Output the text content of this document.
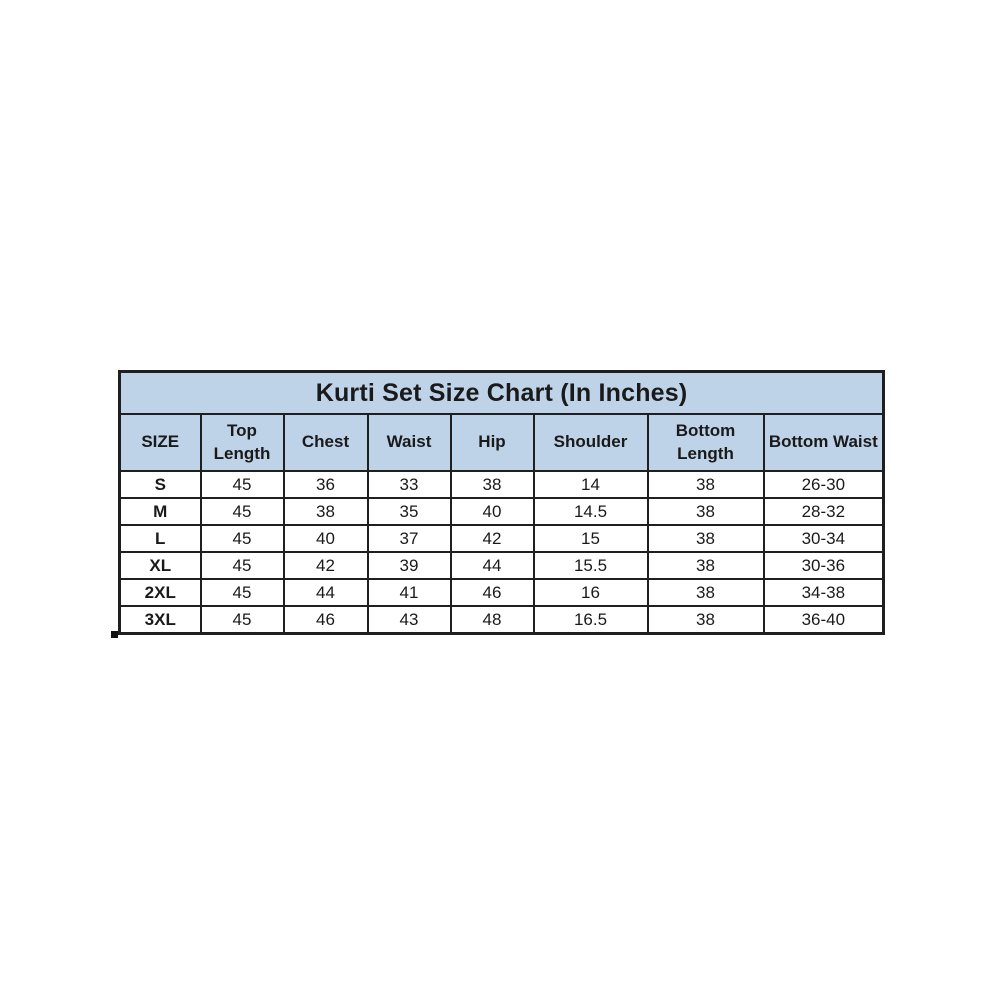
Kurti Set Size Chart (In Inches)							
SIZE	Top Length	Chest	Waist	Hip	Shoulder	Bottom Length	Bottom Waist
S	45	36	33	38	14	38	26-30
M	45	38	35	40	14.5	38	28-32
L	45	40	37	42	15	38	30-34
XL	45	42	39	44	15.5	38	30-36
2XL	45	44	41	46	16	38	34-38
3XL	45	46	43	48	16.5	38	36-40
